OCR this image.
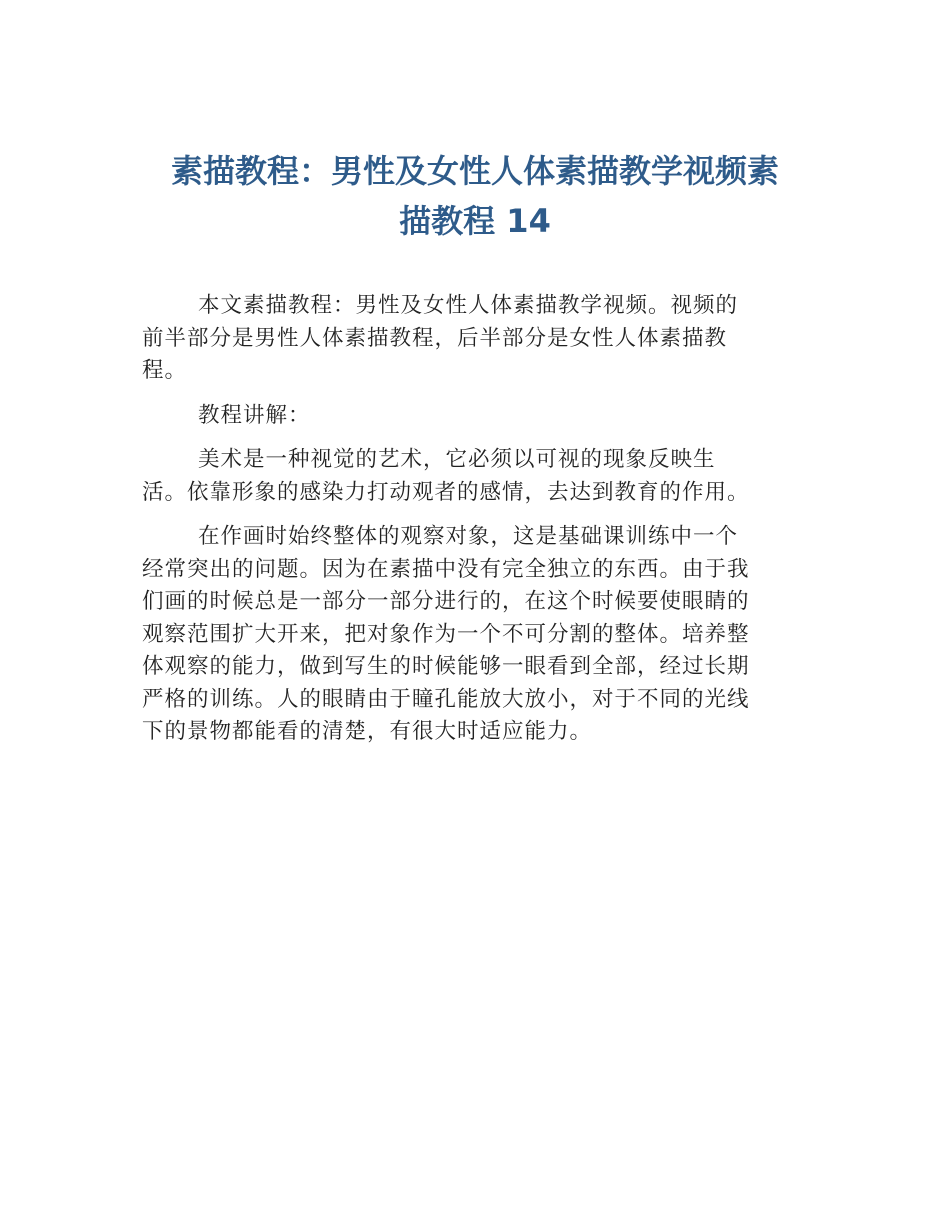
素描教程：男性及女性人体素描教学视频素
描教程 14

本文素描教程：男性及女性人体素描教学视频。视频的
前半部分是男性人体素描教程，后半部分是女性人体素描教
程。

教程讲解：

美术是一种视觉的艺术，它必须以可视的现象反映生
活。依靠形象的感染力打动观者的感情，去达到教育的作用。

在作画时始终整体的观察对象，这是基础课训练中一个
经常突出的问题。因为在素描中没有完全独立的东西。由于我
们画的时候总是一部分一部分进行的，在这个时候要使眼睛的
观察范围扩大开来，把对象作为一个不可分割的整体。培养整
体观察的能力，做到写生的时候能够一眼看到全部，经过长期
严格的训练。人的眼睛由于瞳孔能放大放小，对于不同的光线
下的景物都能看的清楚，有很大时适应能力。
